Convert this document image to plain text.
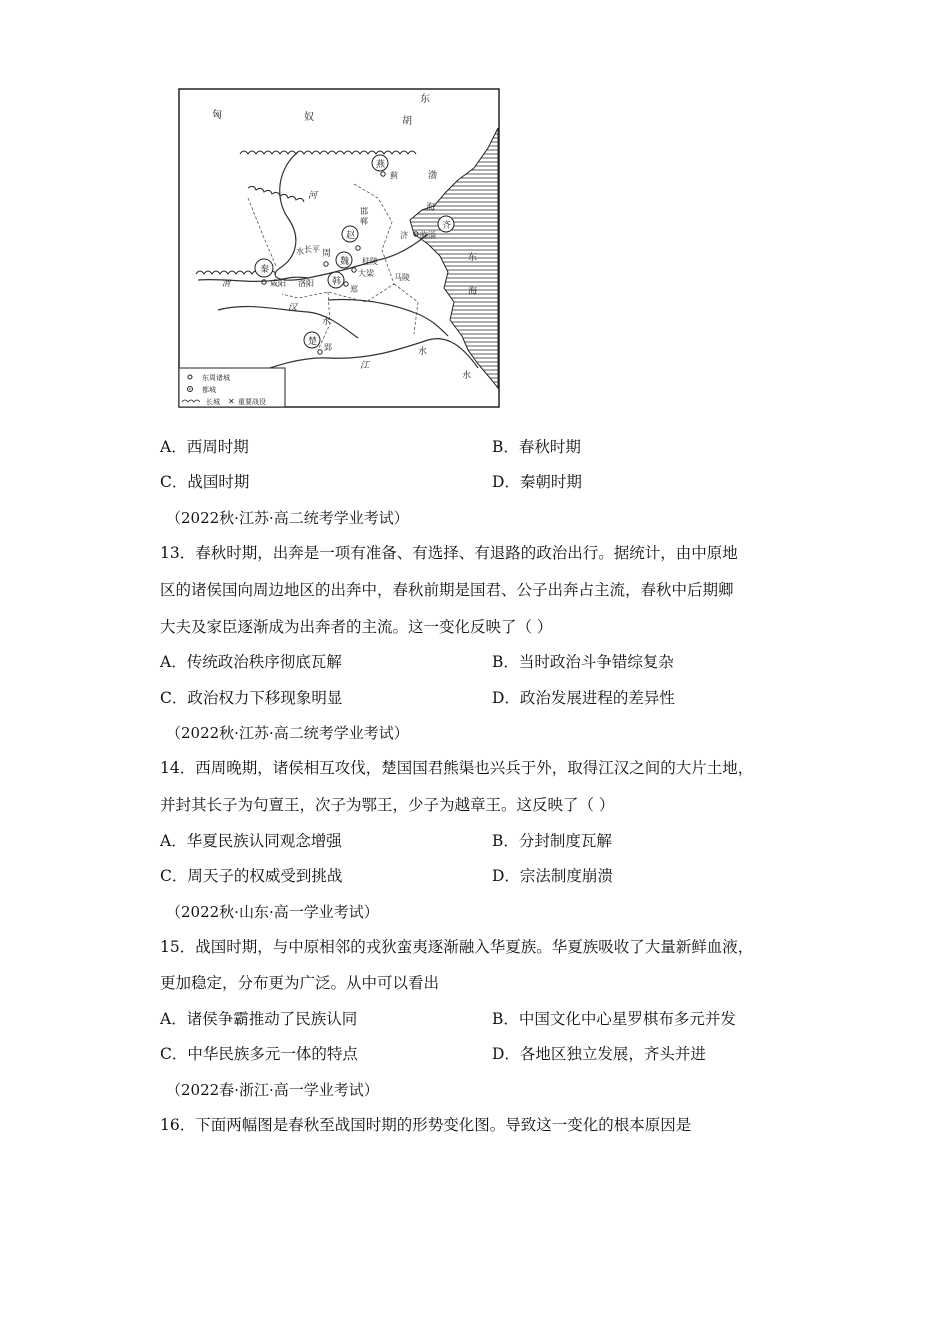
匈	奴
东
胡
燕
蓟
河
邯
郸
赵
长平
水 周
魏 桂陵
大梁	马陵
齐
临淄
济
海
渤
东
海
秦
咸阳
渭	洛阳 韩
郑
汉
水
楚
郢
江
水
水
东周诸城
都城
长城 ✕ 重要战役
A．西周时期	B．春秋时期
C．战国时期	D．秦朝时期
（2022秋·江苏·高二统考学业考试）
13．春秋时期，出奔是一项有准备、有选择、有退路的政治出行。据统计，由中原地
区的诸侯国向周边地区的出奔中，春秋前期是国君、公子出奔占主流，春秋中后期卿
大夫及家臣逐渐成为出奔者的主流。这一变化反映了（ ）
A．传统政治秩序彻底瓦解	B．当时政治斗争错综复杂
C．政治权力下移现象明显	D．政治发展进程的差异性
（2022秋·江苏·高二统考学业考试）
14．西周晚期，诸侯相互攻伐，楚国国君熊渠也兴兵于外，取得江汉之间的大片土地，
并封其长子为句亶王，次子为鄂王，少子为越章王。这反映了（ ）
A．华夏民族认同观念增强	B．分封制度瓦解
C．周天子的权威受到挑战	D．宗法制度崩溃
（2022秋·山东·高一学业考试）
15．战国时期，与中原相邻的戎狄蛮夷逐渐融入华夏族。华夏族吸收了大量新鲜血液，
更加稳定，分布更为广泛。从中可以看出
A．诸侯争霸推动了民族认同	B．中国文化中心星罗棋布多元并发
C．中华民族多元一体的特点	D．各地区独立发展，齐头并进
（2022春·浙江·高一学业考试）
16．下面两幅图是春秋至战国时期的形势变化图。导致这一变化的根本原因是
